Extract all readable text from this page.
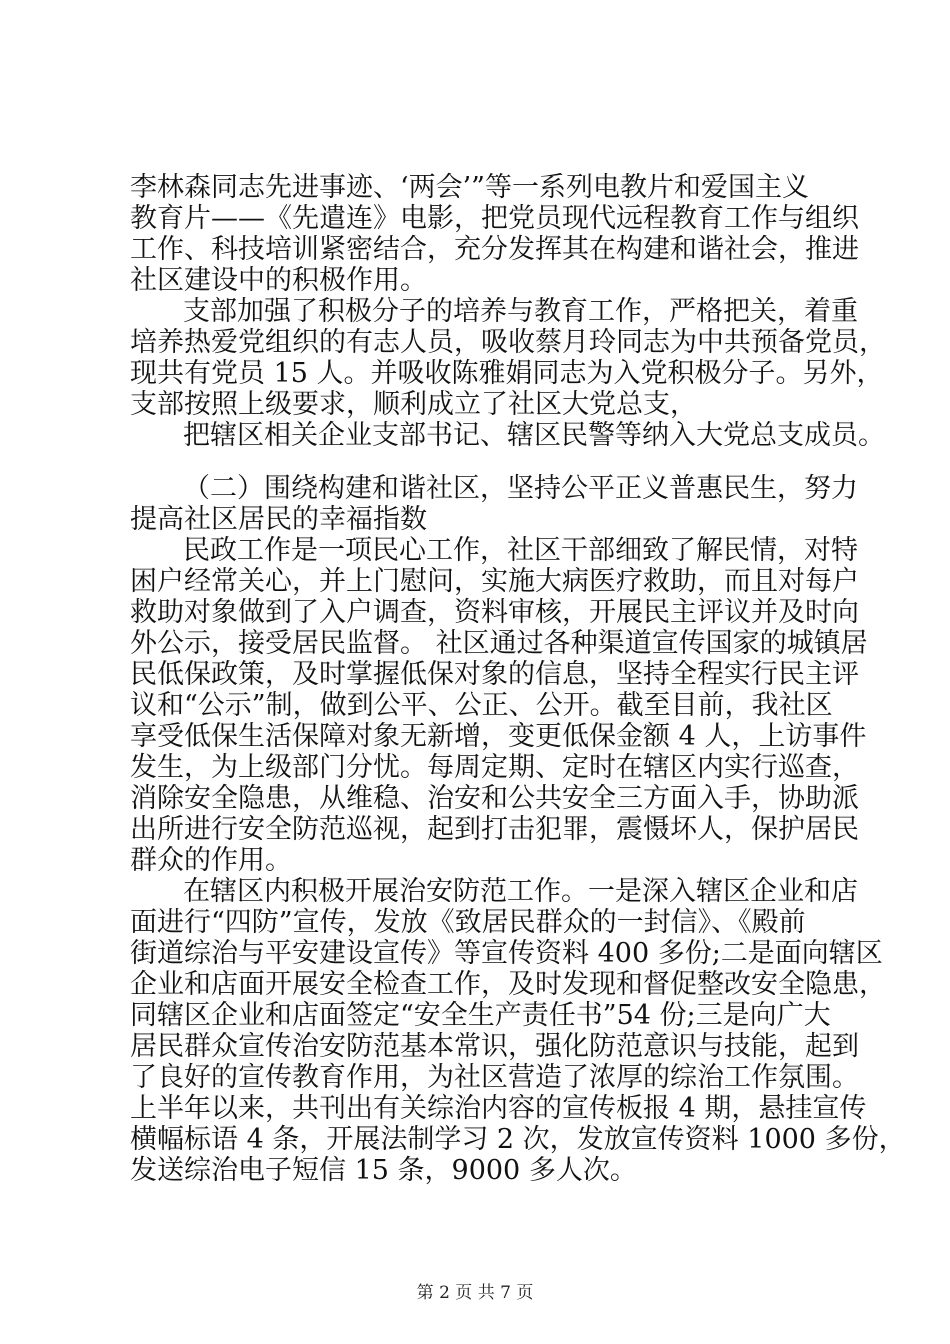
李林森同志先进事迹、‘两会’”等一系列电教片和爱国主义
教育片——《先遣连》电影，把党员现代远程教育工作与组织
工作、科技培训紧密结合，充分发挥其在构建和谐社会，推进
社区建设中的积极作用。
支部加强了积极分子的培养与教育工作，严格把关，着重
培养热爱党组织的有志人员，吸收蔡月玲同志为中共预备党员，
现共有党员 15 人。并吸收陈雅娟同志为入党积极分子。另外，
支部按照上级要求，顺利成立了社区大党总支，
把辖区相关企业支部书记、辖区民警等纳入大党总支成员。
（二）围绕构建和谐社区，坚持公平正义普惠民生，努力
提高社区居民的幸福指数
民政工作是一项民心工作，社区干部细致了解民情，对特
困户经常关心，并上门慰问，实施大病医疗救助，而且对每户
救助对象做到了入户调查，资料审核，开展民主评议并及时向
外公示，接受居民监督。 社区通过各种渠道宣传国家的城镇居
民低保政策，及时掌握低保对象的信息，坚持全程实行民主评
议和“公示”制，做到公平、公正、公开。截至目前，我社区
享受低保生活保障对象无新增，变更低保金额 4 人，上访事件
发生，为上级部门分忧。每周定期、定时在辖区内实行巡查，
消除安全隐患，从维稳、治安和公共安全三方面入手，协助派
出所进行安全防范巡视，起到打击犯罪，震慑坏人，保护居民
群众的作用。
在辖区内积极开展治安防范工作。一是深入辖区企业和店
面进行“四防”宣传，发放《致居民群众的一封信》、《殿前
街道综治与平安建设宣传》等宣传资料 400 多份;二是面向辖区
企业和店面开展安全检查工作，及时发现和督促整改安全隐患，
同辖区企业和店面签定“安全生产责任书”54 份;三是向广大
居民群众宣传治安防范基本常识，强化防范意识与技能，起到
了良好的宣传教育作用，为社区营造了浓厚的综治工作氛围。
上半年以来，共刊出有关综治内容的宣传板报 4 期，悬挂宣传
横幅标语 4 条，开展法制学习 2 次，发放宣传资料 1000 多份，
发送综治电子短信 15 条，9000 多人次。
第 2 页 共 7 页
